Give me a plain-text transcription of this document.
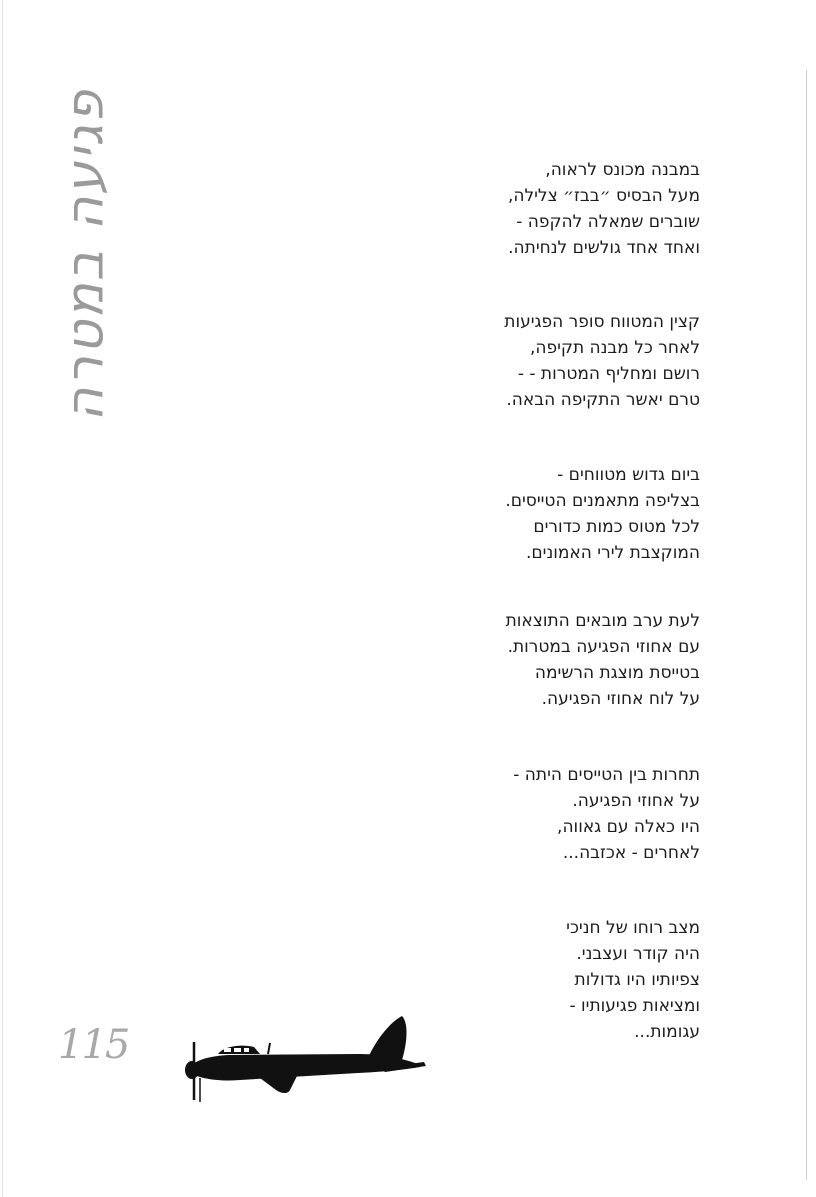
פגיעה במטרה	במבנה מכונס לראוה,
מעל הבסיס ״בבז״ צלילה,
שוברים שמאלה להקפה -
ואחד אחד גולשים לנחיתה.
קצין המטווח סופר הפגיעות
לאחר כל מבנה תקיפה,
רושם ומחליף המטרות - -
טרם יאשר התקיפה הבאה.
ביום גדוש מטווחים -
בצליפה מתאמנים הטייסים.
לכל מטוס כמות כדורים
המוקצבת לירי האמונים.
לעת ערב מובאים התוצאות
עם אחוזי הפגיעה במטרות.
בטייסת מוצגת הרשימה
על לוח אחוזי הפגיעה.
תחרות בין הטייסים היתה -
על אחוזי הפגיעה.
היו כאלה עם גאווה,
לאחרים - אכזבה...
מצב רוחו של חניכי
היה קודר ועצבני.
צפיותיו היו גדולות
ומציאות פגיעותיו -
עגומות...
115
